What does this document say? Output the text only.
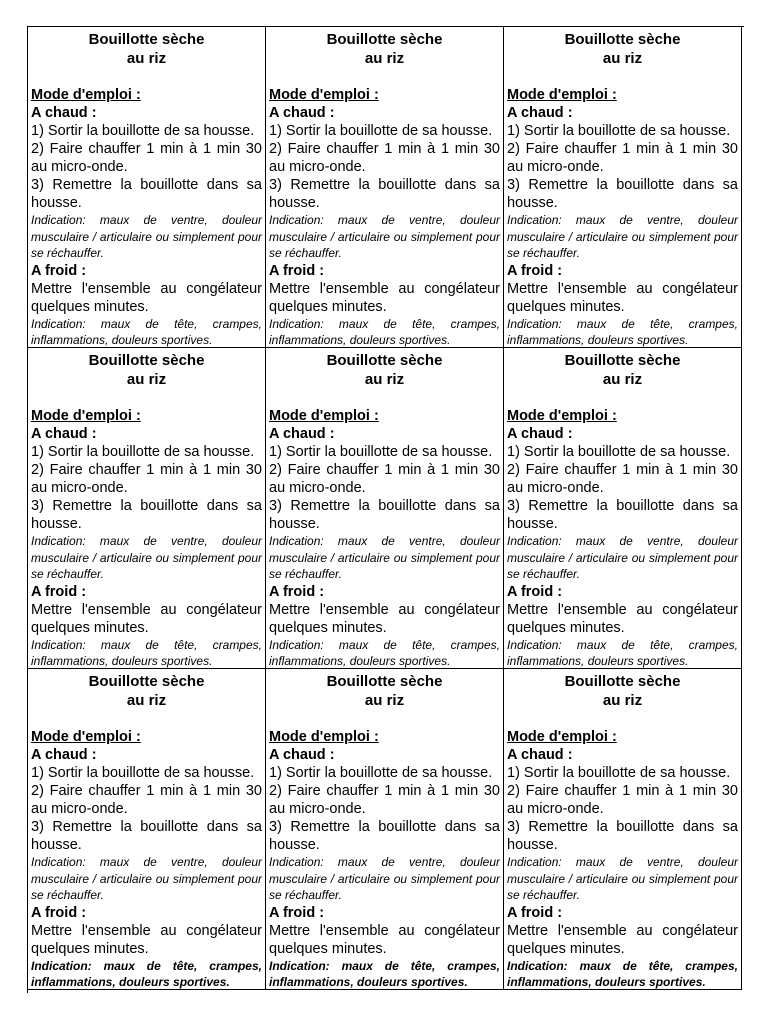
Bouillotte sèche
au riz
Mode d'emploi :
A chaud :
1) Sortir la bouillotte de sa housse.
2) Faire chauffer 1 min à 1 min 30 au micro-onde.
3) Remettre la bouillotte dans sa housse.
Indication: maux de ventre, douleur musculaire / articulaire ou simplement pour se réchauffer.
A froid :
Mettre l'ensemble au congélateur quelques minutes.
Indication: maux de tête, crampes, inflammations, douleurs sportives.
Bouillotte sèche
au riz
Mode d'emploi :
A chaud :
1) Sortir la bouillotte de sa housse.
2) Faire chauffer 1 min à 1 min 30 au micro-onde.
3) Remettre la bouillotte dans sa housse.
Indication: maux de ventre, douleur musculaire / articulaire ou simplement pour se réchauffer.
A froid :
Mettre l'ensemble au congélateur quelques minutes.
Indication: maux de tête, crampes, inflammations, douleurs sportives.
Bouillotte sèche
au riz
Mode d'emploi :
A chaud :
1) Sortir la bouillotte de sa housse.
2) Faire chauffer 1 min à 1 min 30 au micro-onde.
3) Remettre la bouillotte dans sa housse.
Indication: maux de ventre, douleur musculaire / articulaire ou simplement pour se réchauffer.
A froid :
Mettre l'ensemble au congélateur quelques minutes.
Indication: maux de tête, crampes, inflammations, douleurs sportives.
Bouillotte sèche
au riz
Mode d'emploi :
A chaud :
1) Sortir la bouillotte de sa housse.
2) Faire chauffer 1 min à 1 min 30 au micro-onde.
3) Remettre la bouillotte dans sa housse.
Indication: maux de ventre, douleur musculaire / articulaire ou simplement pour se réchauffer.
A froid :
Mettre l'ensemble au congélateur quelques minutes.
Indication: maux de tête, crampes, inflammations, douleurs sportives.
Bouillotte sèche
au riz
Mode d'emploi :
A chaud :
1) Sortir la bouillotte de sa housse.
2) Faire chauffer 1 min à 1 min 30 au micro-onde.
3) Remettre la bouillotte dans sa housse.
Indication: maux de ventre, douleur musculaire / articulaire ou simplement pour se réchauffer.
A froid :
Mettre l'ensemble au congélateur quelques minutes.
Indication: maux de tête, crampes, inflammations, douleurs sportives.
Bouillotte sèche
au riz
Mode d'emploi :
A chaud :
1) Sortir la bouillotte de sa housse.
2) Faire chauffer 1 min à 1 min 30 au micro-onde.
3) Remettre la bouillotte dans sa housse.
Indication: maux de ventre, douleur musculaire / articulaire ou simplement pour se réchauffer.
A froid :
Mettre l'ensemble au congélateur quelques minutes.
Indication: maux de tête, crampes, inflammations, douleurs sportives.
Bouillotte sèche
au riz
Mode d'emploi :
A chaud :
1) Sortir la bouillotte de sa housse.
2) Faire chauffer 1 min à 1 min 30 au micro-onde.
3) Remettre la bouillotte dans sa housse.
Indication: maux de ventre, douleur musculaire / articulaire ou simplement pour se réchauffer.
A froid :
Mettre l'ensemble au congélateur quelques minutes.
Indication: maux de tête, crampes, inflammations, douleurs sportives.
Bouillotte sèche
au riz
Mode d'emploi :
A chaud :
1) Sortir la bouillotte de sa housse.
2) Faire chauffer 1 min à 1 min 30 au micro-onde.
3) Remettre la bouillotte dans sa housse.
Indication: maux de ventre, douleur musculaire / articulaire ou simplement pour se réchauffer.
A froid :
Mettre l'ensemble au congélateur quelques minutes.
Indication: maux de tête, crampes, inflammations, douleurs sportives.
Bouillotte sèche
au riz
Mode d'emploi :
A chaud :
1) Sortir la bouillotte de sa housse.
2) Faire chauffer 1 min à 1 min 30 au micro-onde.
3) Remettre la bouillotte dans sa housse.
Indication: maux de ventre, douleur musculaire / articulaire ou simplement pour se réchauffer.
A froid :
Mettre l'ensemble au congélateur quelques minutes.
Indication: maux de tête, crampes, inflammations, douleurs sportives.
